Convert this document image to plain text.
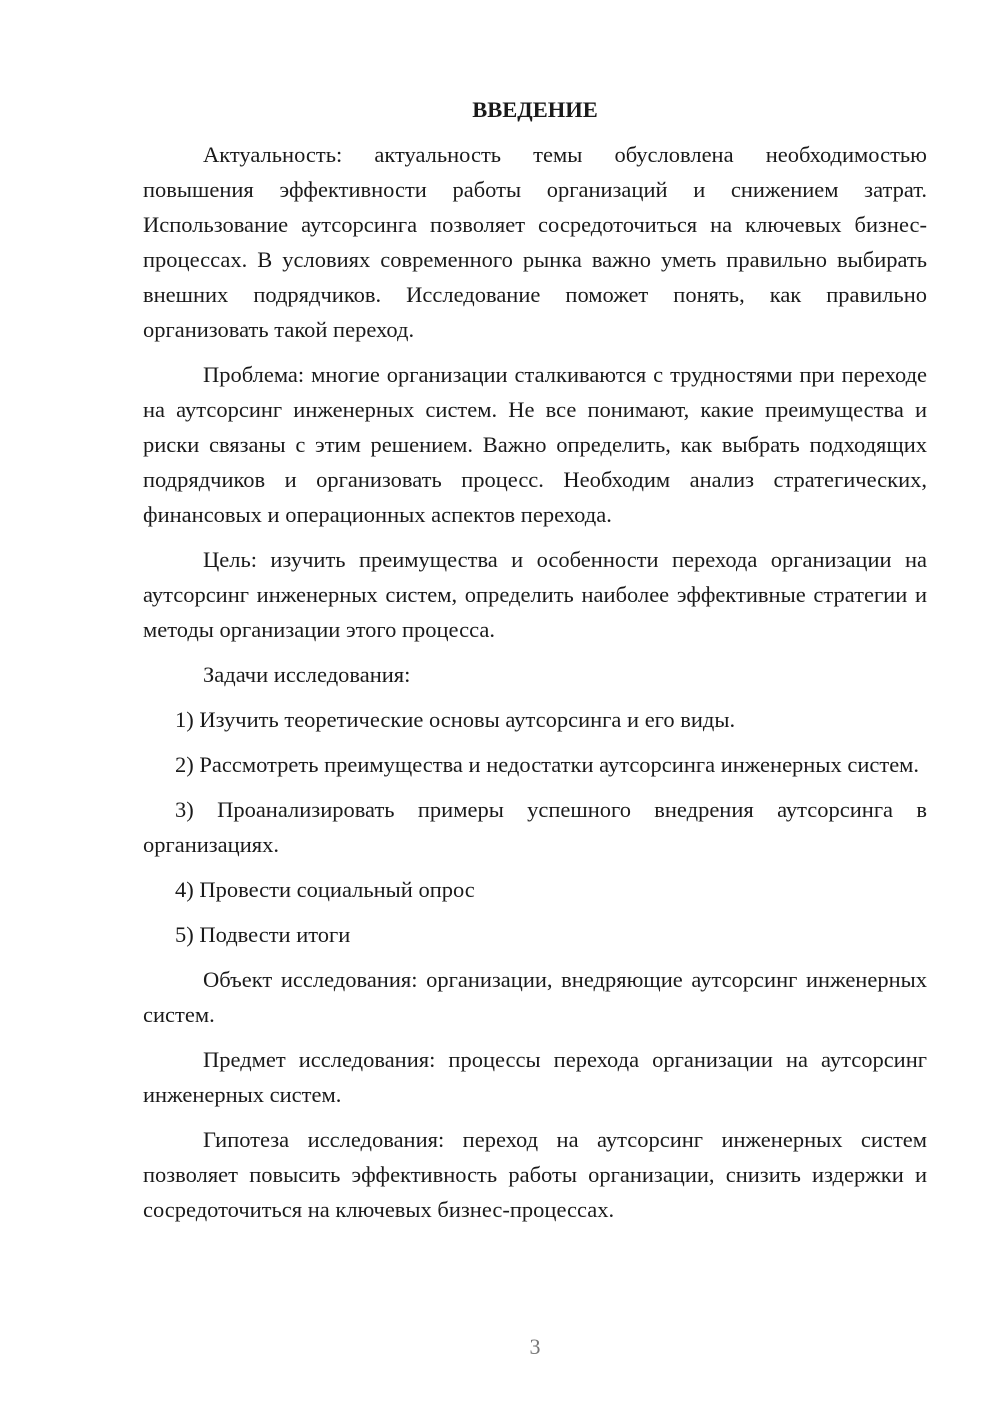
ВВЕДЕНИЕ

Актуальность: актуальность темы обусловлена необходимостью повышения эффективности работы организаций и снижением затрат. Использование аутсорсинга позволяет сосредоточиться на ключевых бизнес-процессах. В условиях современного рынка важно уметь правильно выбирать внешних подрядчиков. Исследование поможет понять, как правильно организовать такой переход.

Проблема: многие организации сталкиваются с трудностями при переходе на аутсорсинг инженерных систем. Не все понимают, какие преимущества и риски связаны с этим решением. Важно определить, как выбрать подходящих подрядчиков и организовать процесс. Необходим анализ стратегических, финансовых и операционных аспектов перехода.

Цель: изучить преимущества и особенности перехода организации на аутсорсинг инженерных систем, определить наиболее эффективные стратегии и методы организации этого процесса.

Задачи исследования:

1) Изучить теоретические основы аутсорсинга и его виды.

2) Рассмотреть преимущества и недостатки аутсорсинга инженерных систем.

3) Проанализировать примеры успешного внедрения аутсорсинга в организациях.

4) Провести социальный опрос

5) Подвести итоги

Объект исследования: организации, внедряющие аутсорсинг инженерных систем.

Предмет исследования: процессы перехода организации на аутсорсинг инженерных систем.

Гипотеза исследования: переход на аутсорсинг инженерных систем позволяет повысить эффективность работы организации, снизить издержки и сосредоточиться на ключевых бизнес-процессах.

3
